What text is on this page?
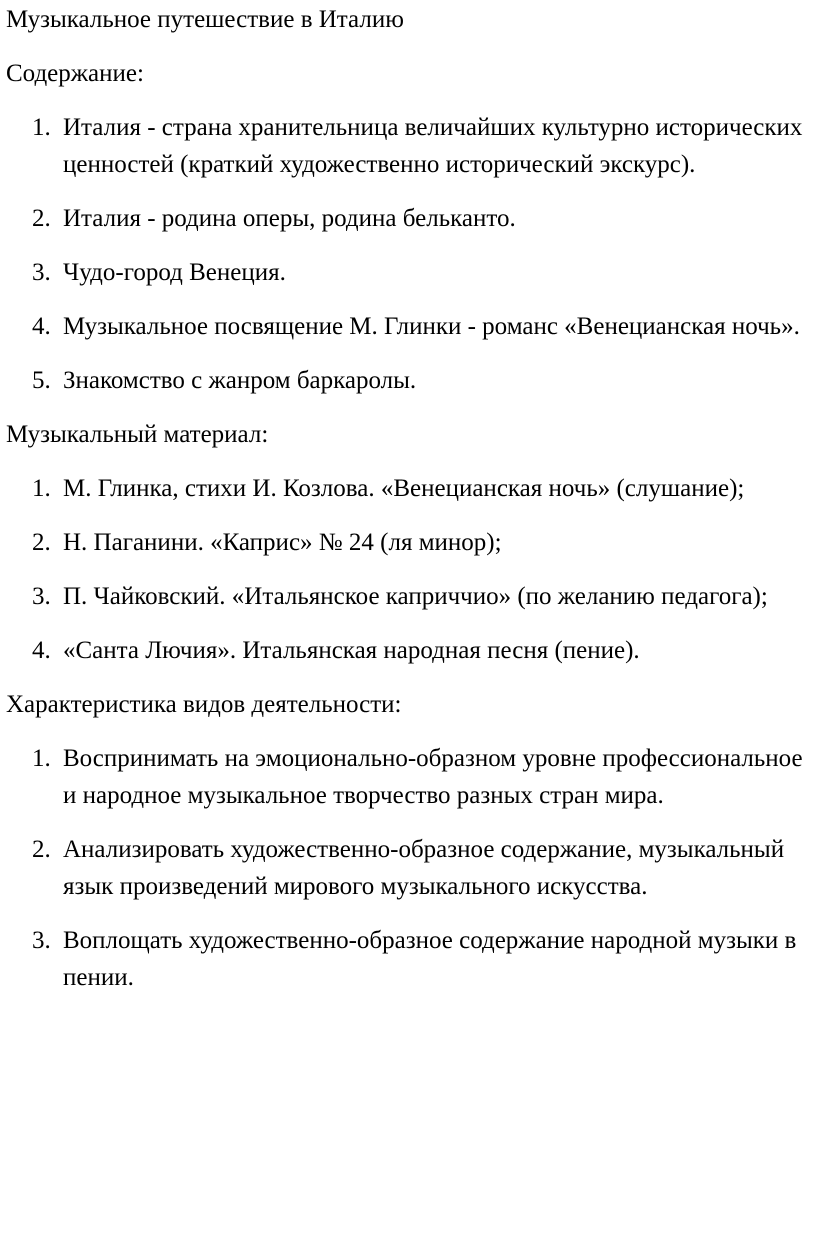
Музыкальное путешествие в Италию

Содержание:

1. Италия - страна хранительница величайших культурно исторических ценностей (краткий художественно исторический экскурс).
2. Италия - родина оперы, родина бельканто.
3. Чудо-город Венеция.
4. Музыкальное посвящение М. Глинки - романс «Венецианская ночь».
5. Знакомство с жанром баркаролы.

Музыкальный материал:

1. М. Глинка, стихи И. Козлова. «Венецианская ночь» (слушание);
2. Н. Паганини. «Каприс» № 24 (ля минор);
3. П. Чайковский. «Итальянское каприччио» (по желанию педагога);
4. «Санта Лючия». Итальянская народная песня (пение).

Характеристика видов деятельности:

1. Воспринимать на эмоционально-образном уровне профессиональное и народное музыкальное творчество разных стран мира.
2. Анализировать художественно-образное содержание, музыкальный язык произведений мирового музыкального искусства.
3. Воплощать художественно-образное содержание народной музыки в пении.
